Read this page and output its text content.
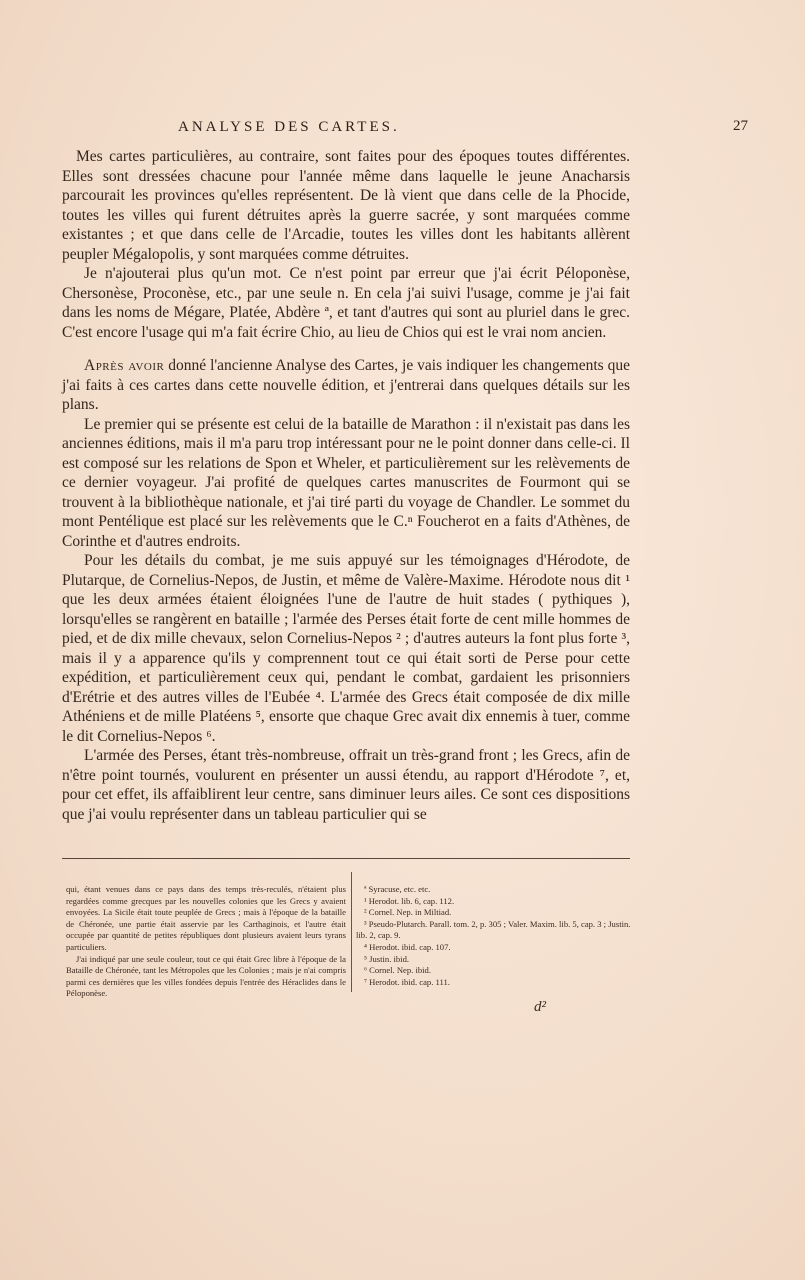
ANALYSE DES CARTES.	27

Mes cartes particulières, au contraire, sont faites pour des époques toutes différentes. Elles sont dressées chacune pour l'année même dans laquelle le jeune Anacharsis parcourait les provinces qu'elles représentent. De là vient que dans celle de la Phocide, toutes les villes qui furent détruites après la guerre sacrée, y sont marquées comme existantes ; et que dans celle de l'Arcadie, toutes les villes dont les habitants allèrent peupler Mégalopolis, y sont marquées comme détruites.

Je n'ajouterai plus qu'un mot. Ce n'est point par erreur que j'ai écrit Péloponèse, Chersonèse, Proconèse, etc., par une seule n. En cela j'ai suivi l'usage, comme je j'ai fait dans les noms de Mégare, Platée, Abdère ª, et tant d'autres qui sont au pluriel dans le grec. C'est encore l'usage qui m'a fait écrire Chio, au lieu de Chios qui est le vrai nom ancien.

Après avoir donné l'ancienne Analyse des Cartes, je vais indiquer les changements que j'ai faits à ces cartes dans cette nouvelle édition, et j'entrerai dans quelques détails sur les plans.

Le premier qui se présente est celui de la bataille de Marathon : il n'existait pas dans les anciennes éditions, mais il m'a paru trop intéressant pour ne le point donner dans celle-ci. Il est composé sur les relations de Spon et Wheler, et particulièrement sur les relèvements de ce dernier voyageur. J'ai profité de quelques cartes manuscrites de Fourmont qui se trouvent à la bibliothèque nationale, et j'ai tiré parti du voyage de Chandler. Le sommet du mont Pentélique est placé sur les relèvements que le C.ⁿ Foucherot en a faits d'Athènes, de Corinthe et d'autres endroits.

Pour les détails du combat, je me suis appuyé sur les témoignages d'Hérodote, de Plutarque, de Cornelius-Nepos, de Justin, et même de Valère-Maxime. Hérodote nous dit ¹ que les deux armées étaient éloignées l'une de l'autre de huit stades ( pythiques ), lorsqu'elles se rangèrent en bataille ; l'armée des Perses était forte de cent mille hommes de pied, et de dix mille chevaux, selon Cornelius-Nepos ² ; d'autres auteurs la font plus forte ³, mais il y a apparence qu'ils y comprennent tout ce qui était sorti de Perse pour cette expédition, et particulièrement ceux qui, pendant le combat, gardaient les prisonniers d'Erétrie et des autres villes de l'Eubée ⁴. L'armée des Grecs était composée de dix mille Athéniens et de mille Platéens ⁵, ensorte que chaque Grec avait dix ennemis à tuer, comme le dit Cornelius-Nepos ⁶.

L'armée des Perses, étant très-nombreuse, offrait un très-grand front ; les Grecs, afin de n'être point tournés, voulurent en présenter un aussi étendu, au rapport d'Hérodote ⁷, et, pour cet effet, ils affaiblirent leur centre, sans diminuer leurs ailes. Ce sont ces dispositions que j'ai voulu représenter dans un tableau particulier qui se

qui, étant venues dans ce pays dans des temps très-reculés, n'étaient plus regardées comme grecques par les nouvelles colonies que les Grecs y avaient envoyées. La Sicile était toute peuplée de Grecs ; mais à l'époque de la bataille de Chéronée, une partie était asservie par les Carthaginois, et l'autre était occupée par quantité de petites républiques dont plusieurs avaient leurs tyrans particuliers.

J'ai indiqué par une seule couleur, tout ce qui était Grec libre à l'époque de la Bataille de Chéronée, tant les Métropoles que les Colonies ; mais je n'ai compris parmi ces dernières que les villes fondées depuis l'entrée des Héraclides dans le Péloponèse.

ª Syracuse, etc. etc.
¹ Herodot. lib. 6, cap. 112.
² Cornel. Nep. in Miltiad.
³ Pseudo-Plutarch. Parall. tom. 2, p. 305 ; Valer. Maxim. lib. 5, cap. 3 ; Justin. lib. 2, cap. 9.
⁴ Herodot. ibid. cap. 107.
⁵ Justin. ibid.
⁶ Cornel. Nep. ibid.
⁷ Herodot. ibid. cap. 111.
d²
